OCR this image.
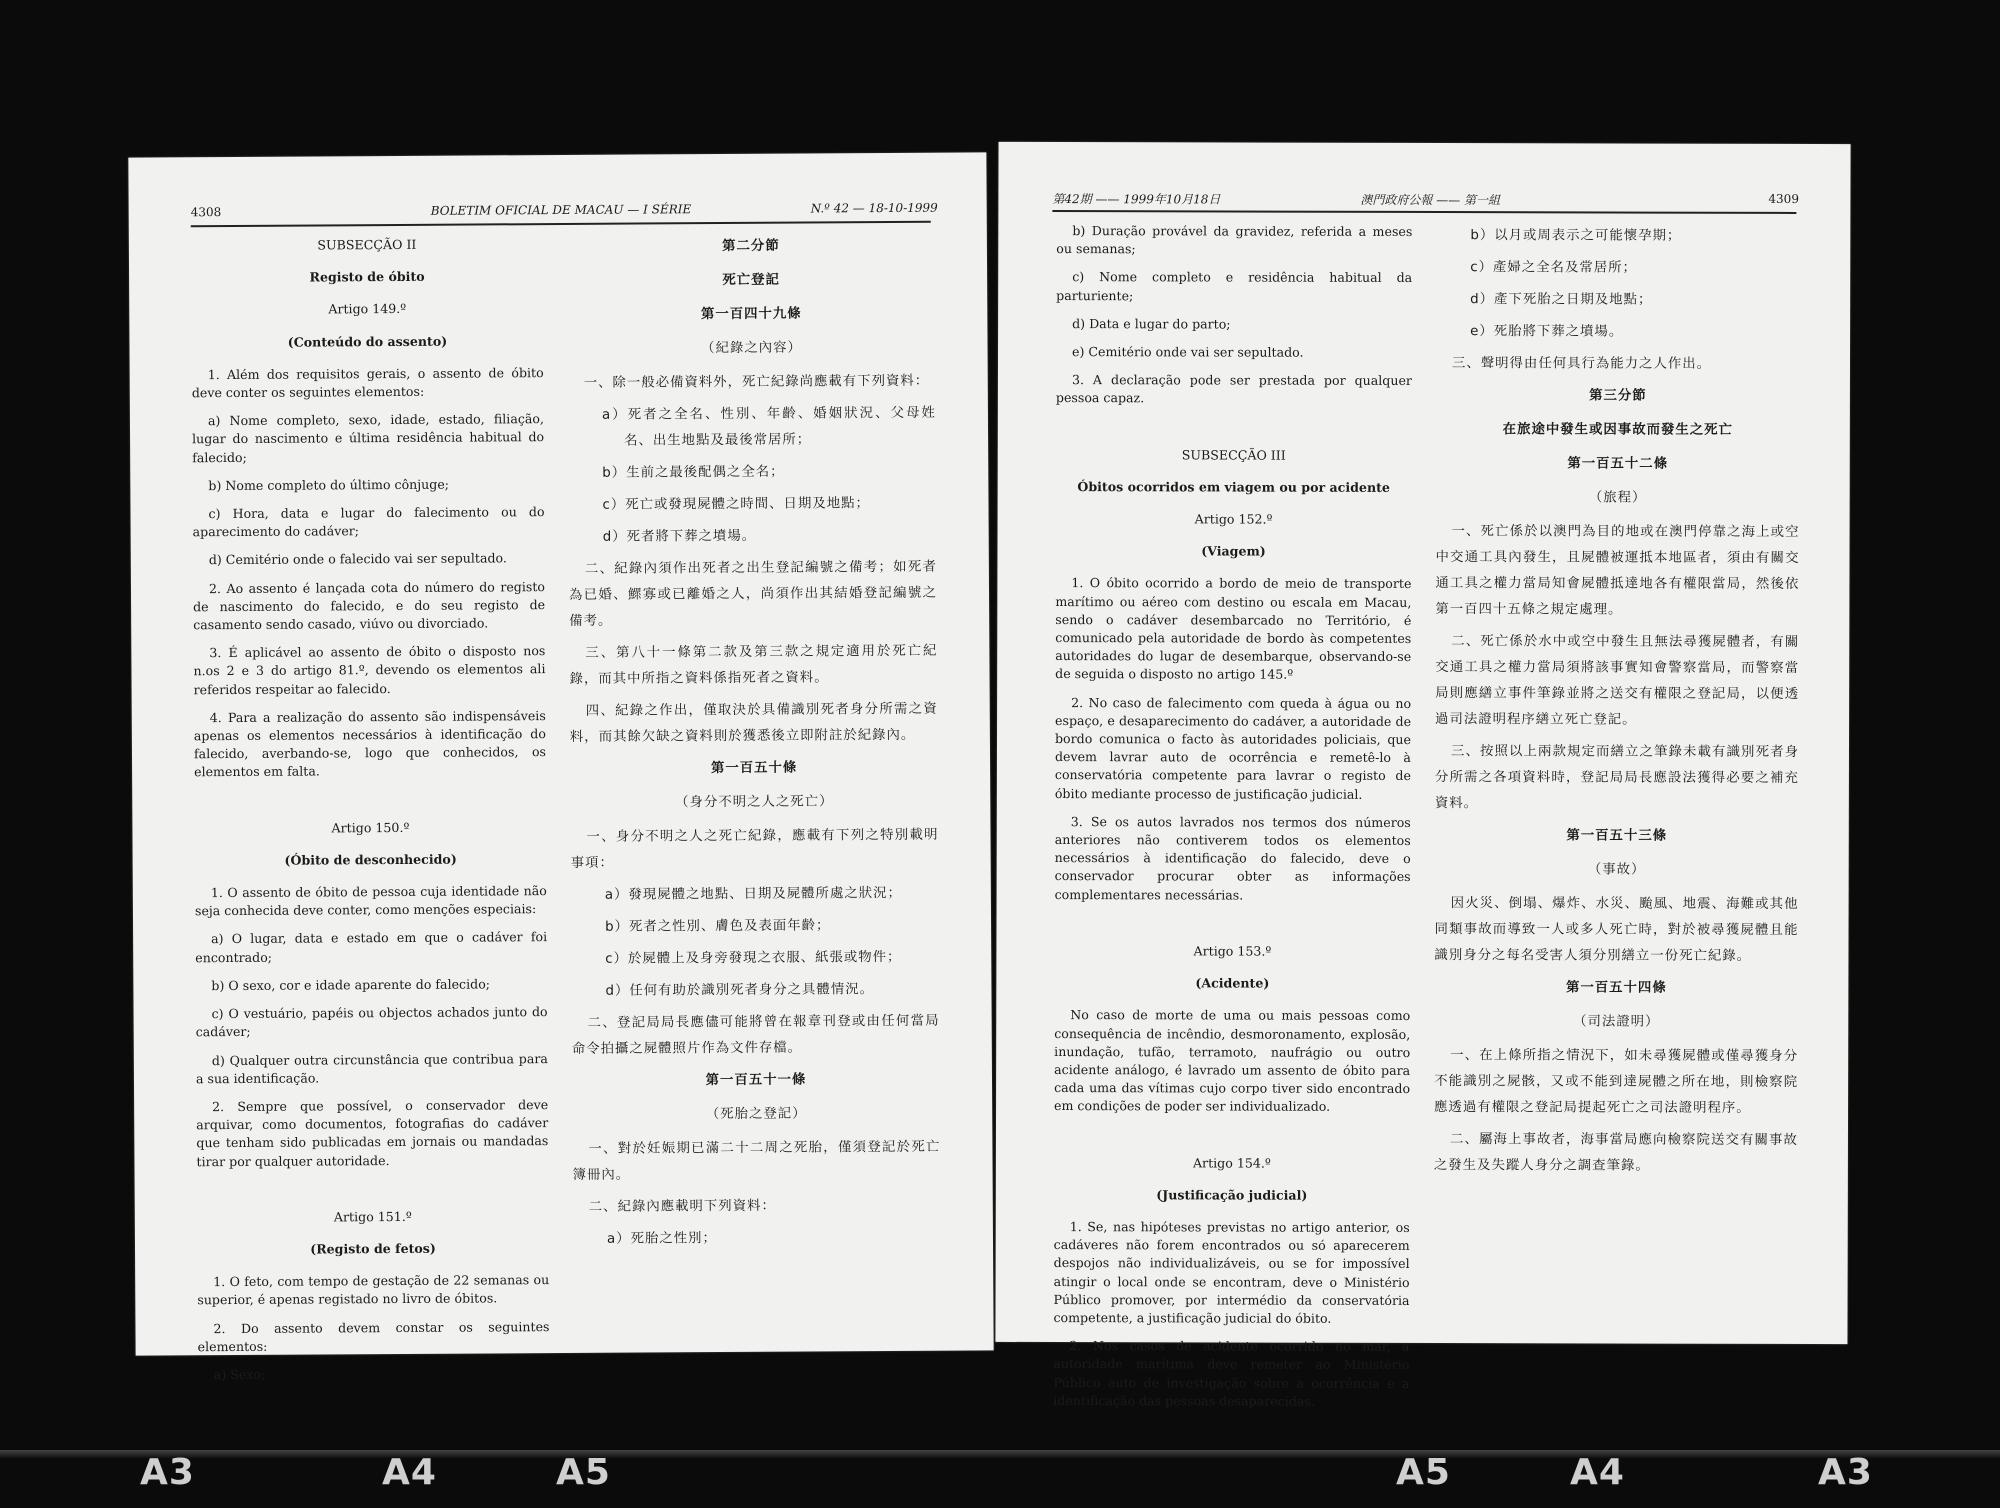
4308	BOLETIM OFICIAL DE MACAU — I SÉRIE	N.º 42 — 18-10-1999

SUBSECÇÃO II

Registo de óbito

Artigo 149.º

(Conteúdo do assento)

1. Além dos requisitos gerais, o assento de óbito deve conter os seguintes elementos:

a) Nome completo, sexo, idade, estado, filiação, lugar do nascimento e última residência habitual do falecido;

b) Nome completo do último cônjuge;

c) Hora, data e lugar do falecimento ou do aparecimento do cadáver;

d) Cemitério onde o falecido vai ser sepultado.

2. Ao assento é lançada cota do número do registo de nascimento do falecido, e do seu registo de casamento sendo casado, viúvo ou divorciado.

3. É aplicável ao assento de óbito o disposto nos n.os 2 e 3 do artigo 81.º, devendo os elementos ali referidos respeitar ao falecido.

4. Para a realização do assento são indispensáveis apenas os elementos necessários à identificação do falecido, averbando-se, logo que conhecidos, os elementos em falta.

Artigo 150.º

(Óbito de desconhecido)

1. O assento de óbito de pessoa cuja identidade não seja conhecida deve conter, como menções especiais:

a) O lugar, data e estado em que o cadáver foi encontrado;

b) O sexo, cor e idade aparente do falecido;

c) O vestuário, papéis ou objectos achados junto do cadáver;

d) Qualquer outra circunstância que contribua para a sua identificação.

2. Sempre que possível, o conservador deve arquivar, como documentos, fotografias do cadáver que tenham sido publicadas em jornais ou mandadas tirar por qualquer autoridade.

Artigo 151.º

(Registo de fetos)

1. O feto, com tempo de gestação de 22 semanas ou superior, é apenas registado no livro de óbitos.

2. Do assento devem constar os seguintes elementos:

a) Sexo;

第二分節

死亡登記

第一百四十九條

（紀錄之內容）

一、除一般必備資料外，死亡紀錄尚應載有下列資料：

a）死者之全名、性別、年齡、婚姻狀況、父母姓名、出生地點及最後常居所；

b）生前之最後配偶之全名；

c）死亡或發現屍體之時間、日期及地點；

d）死者將下葬之墳場。

二、紀錄內須作出死者之出生登記編號之備考；如死者為已婚、鰥寡或已離婚之人，尚須作出其結婚登記編號之備考。

三、第八十一條第二款及第三款之規定適用於死亡紀錄，而其中所指之資料係指死者之資料。

四、紀錄之作出，僅取決於具備識別死者身分所需之資料，而其餘欠缺之資料則於獲悉後立即附註於紀錄內。

第一百五十條

（身分不明之人之死亡）

一、身分不明之人之死亡紀錄，應載有下列之特別載明事項：

a）發現屍體之地點、日期及屍體所處之狀況；

b）死者之性別、膚色及表面年齡；

c）於屍體上及身旁發現之衣服、紙張或物件；

d）任何有助於識別死者身分之具體情況。

二、登記局局長應儘可能將曾在報章刊登或由任何當局命令拍攝之屍體照片作為文件存檔。

第一百五十一條

（死胎之登記）

一、對於妊娠期已滿二十二周之死胎，僅須登記於死亡簿冊內。

二、紀錄內應載明下列資料：

a）死胎之性別；

第42期 —— 1999年10月18日	澳門政府公報 —— 第一組	4309

b) Duração provável da gravidez, referida a meses ou semanas;

c) Nome completo e residência habitual da parturiente;

d) Data e lugar do parto;

e) Cemitério onde vai ser sepultado.

3. A declaração pode ser prestada por qualquer pessoa capaz.

SUBSECÇÃO III

Óbitos ocorridos em viagem ou por acidente

Artigo 152.º

(Viagem)

1. O óbito ocorrido a bordo de meio de transporte marítimo ou aéreo com destino ou escala em Macau, sendo o cadáver desembarcado no Território, é comunicado pela autoridade de bordo às competentes autoridades do lugar de desembarque, observando-se de seguida o disposto no artigo 145.º

2. No caso de falecimento com queda à água ou no espaço, e desaparecimento do cadáver, a autoridade de bordo comunica o facto às autoridades policiais, que devem lavrar auto de ocorrência e remetê-lo à conservatória competente para lavrar o registo de óbito mediante processo de justificação judicial.

3. Se os autos lavrados nos termos dos números anteriores não contiverem todos os elementos necessários à identificação do falecido, deve o conservador procurar obter as informações complementares necessárias.

Artigo 153.º

(Acidente)

No caso de morte de uma ou mais pessoas como consequência de incêndio, desmoronamento, explosão, inundação, tufão, terramoto, naufrágio ou outro acidente análogo, é lavrado um assento de óbito para cada uma das vítimas cujo corpo tiver sido encontrado em condições de poder ser individualizado.

Artigo 154.º

(Justificação judicial)

1. Se, nas hipóteses previstas no artigo anterior, os cadáveres não forem encontrados ou só aparecerem despojos não individualizáveis, ou se for impossível atingir o local onde se encontram, deve o Ministério Público promover, por intermédio da conservatória competente, a justificação judicial do óbito.

2. Nos casos de acidente ocorrido no mar, a autoridade marítima deve remeter ao Ministério Público auto de investigação sobre a ocorrência e a identificação das pessoas desaparecidas.

b）以月或周表示之可能懷孕期；

c）產婦之全名及常居所；

d）產下死胎之日期及地點；

e）死胎將下葬之墳場。

三、聲明得由任何具行為能力之人作出。

第三分節

在旅途中發生或因事故而發生之死亡

第一百五十二條

（旅程）

一、死亡係於以澳門為目的地或在澳門停靠之海上或空中交通工具內發生，且屍體被運抵本地區者，須由有關交通工具之權力當局知會屍體抵達地各有權限當局，然後依第一百四十五條之規定處理。

二、死亡係於水中或空中發生且無法尋獲屍體者，有關交通工具之權力當局須將該事實知會警察當局，而警察當局則應繕立事件筆錄並將之送交有權限之登記局，以便透過司法證明程序繕立死亡登記。

三、按照以上兩款規定而繕立之筆錄未載有識別死者身分所需之各項資料時，登記局局長應設法獲得必要之補充資料。

第一百五十三條

（事故）

因火災、倒塌、爆炸、水災、颱風、地震、海難或其他同類事故而導致一人或多人死亡時，對於被尋獲屍體且能識別身分之每名受害人須分別繕立一份死亡紀錄。

第一百五十四條

（司法證明）

一、在上條所指之情況下，如未尋獲屍體或僅尋獲身分不能識別之屍骸，又或不能到達屍體之所在地，則檢察院應透過有權限之登記局提起死亡之司法證明程序。

二、屬海上事故者，海事當局應向檢察院送交有關事故之發生及失蹤人身分之調查筆錄。

A3	A4	A5	A5	A4	A3
